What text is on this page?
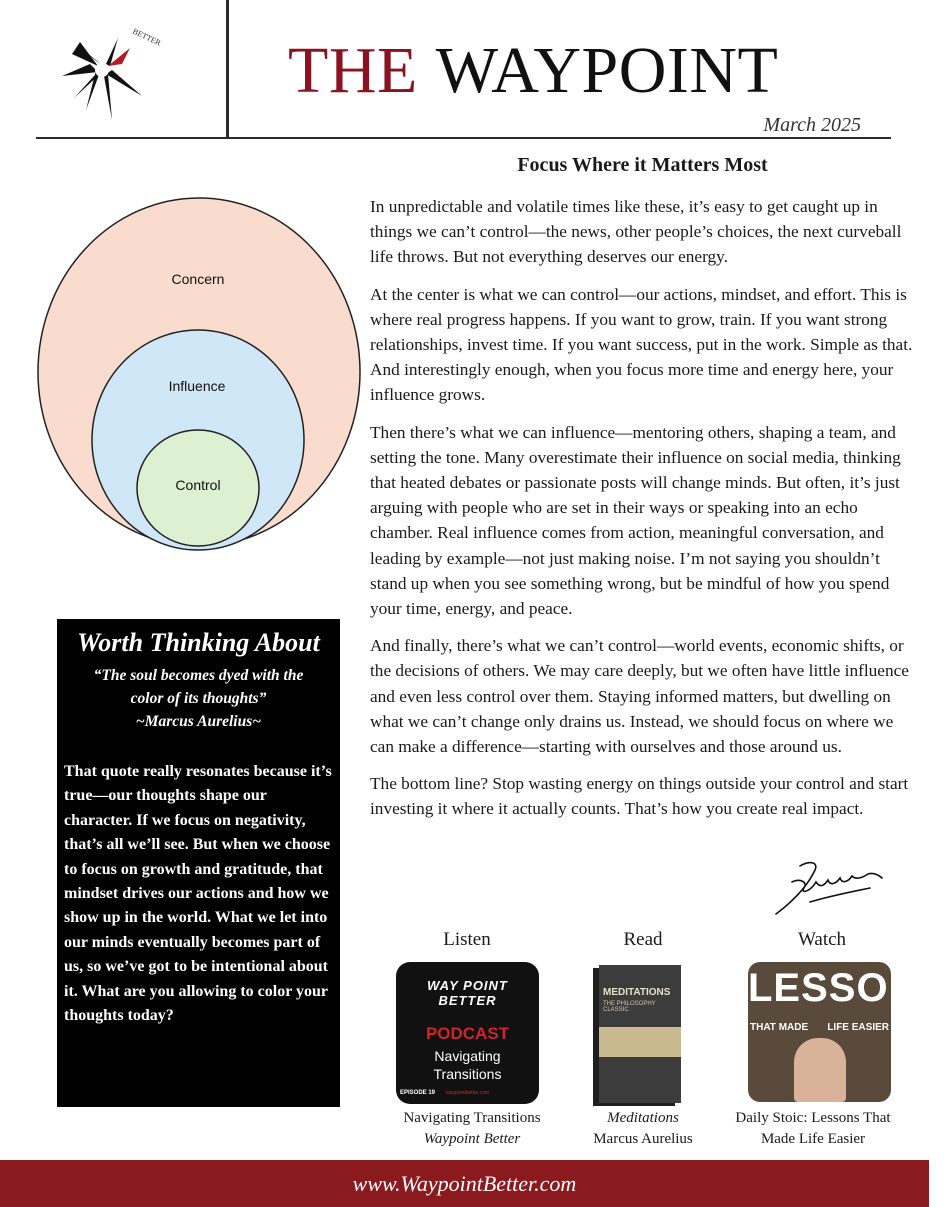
BETTER THE WAYPOINT
March 2025
Concern
Influence
Control
Focus Where it Matters Most

In unpredictable and volatile times like these, it’s easy to get caught up in things we can’t control—the news, other people’s choices, the next curveball life throws. But not everything deserves our energy.

At the center is what we can control—our actions, mindset, and effort. This is where real progress happens. If you want to grow, train. If you want strong relationships, invest time. If you want success, put in the work. Simple as that. And interestingly enough, when you focus more time and energy here, your influence grows.

Then there’s what we can influence—mentoring others, shaping a team, and setting the tone. Many overestimate their influence on social media, thinking that heated debates or passionate posts will change minds. But often, it’s just arguing with people who are set in their ways or speaking into an echo chamber. Real influence comes from action, meaningful conversation, and leading by example—not just making noise. I’m not saying you shouldn’t stand up when you see something wrong, but be mindful of how you spend your time, energy, and peace.

And finally, there’s what we can’t control—world events, economic shifts, or the decisions of others. We may care deeply, but we often have little influence and even less control over them. Staying informed matters, but dwelling on what we can’t change only drains us. Instead, we should focus on where we can make a difference—starting with ourselves and those around us.

The bottom line? Stop wasting energy on things outside your control and start investing it where it actually counts. That’s how you create real impact.

Worth Thinking About
“The soul becomes dyed with the
color of its thoughts”
~Marcus Aurelius~
That quote really resonates because it’s true—our thoughts shape our character. If we focus on negativity, that’s all we’ll see. But when we choose to focus on growth and gratitude, that mindset drives our actions and how we show up in the world. What we let into our minds eventually becomes part of us, so we’ve got to be intentional about it. What are you allowing to color your thoughts today?
Listen
WAY POINT BETTER
PODCAST
Navigating
Transitions
EPISODE 19 waypointbetter.com
Navigating Transitions
Waypoint Better
Read
MEDITATIONS
THE PHILOSOPHY CLASSIC
Meditations
Marcus Aurelius
Watch
LESSONS
THAT MADE LIFE EASIER
Daily Stoic: Lessons That
Made Life Easier
www.WaypointBetter.com
